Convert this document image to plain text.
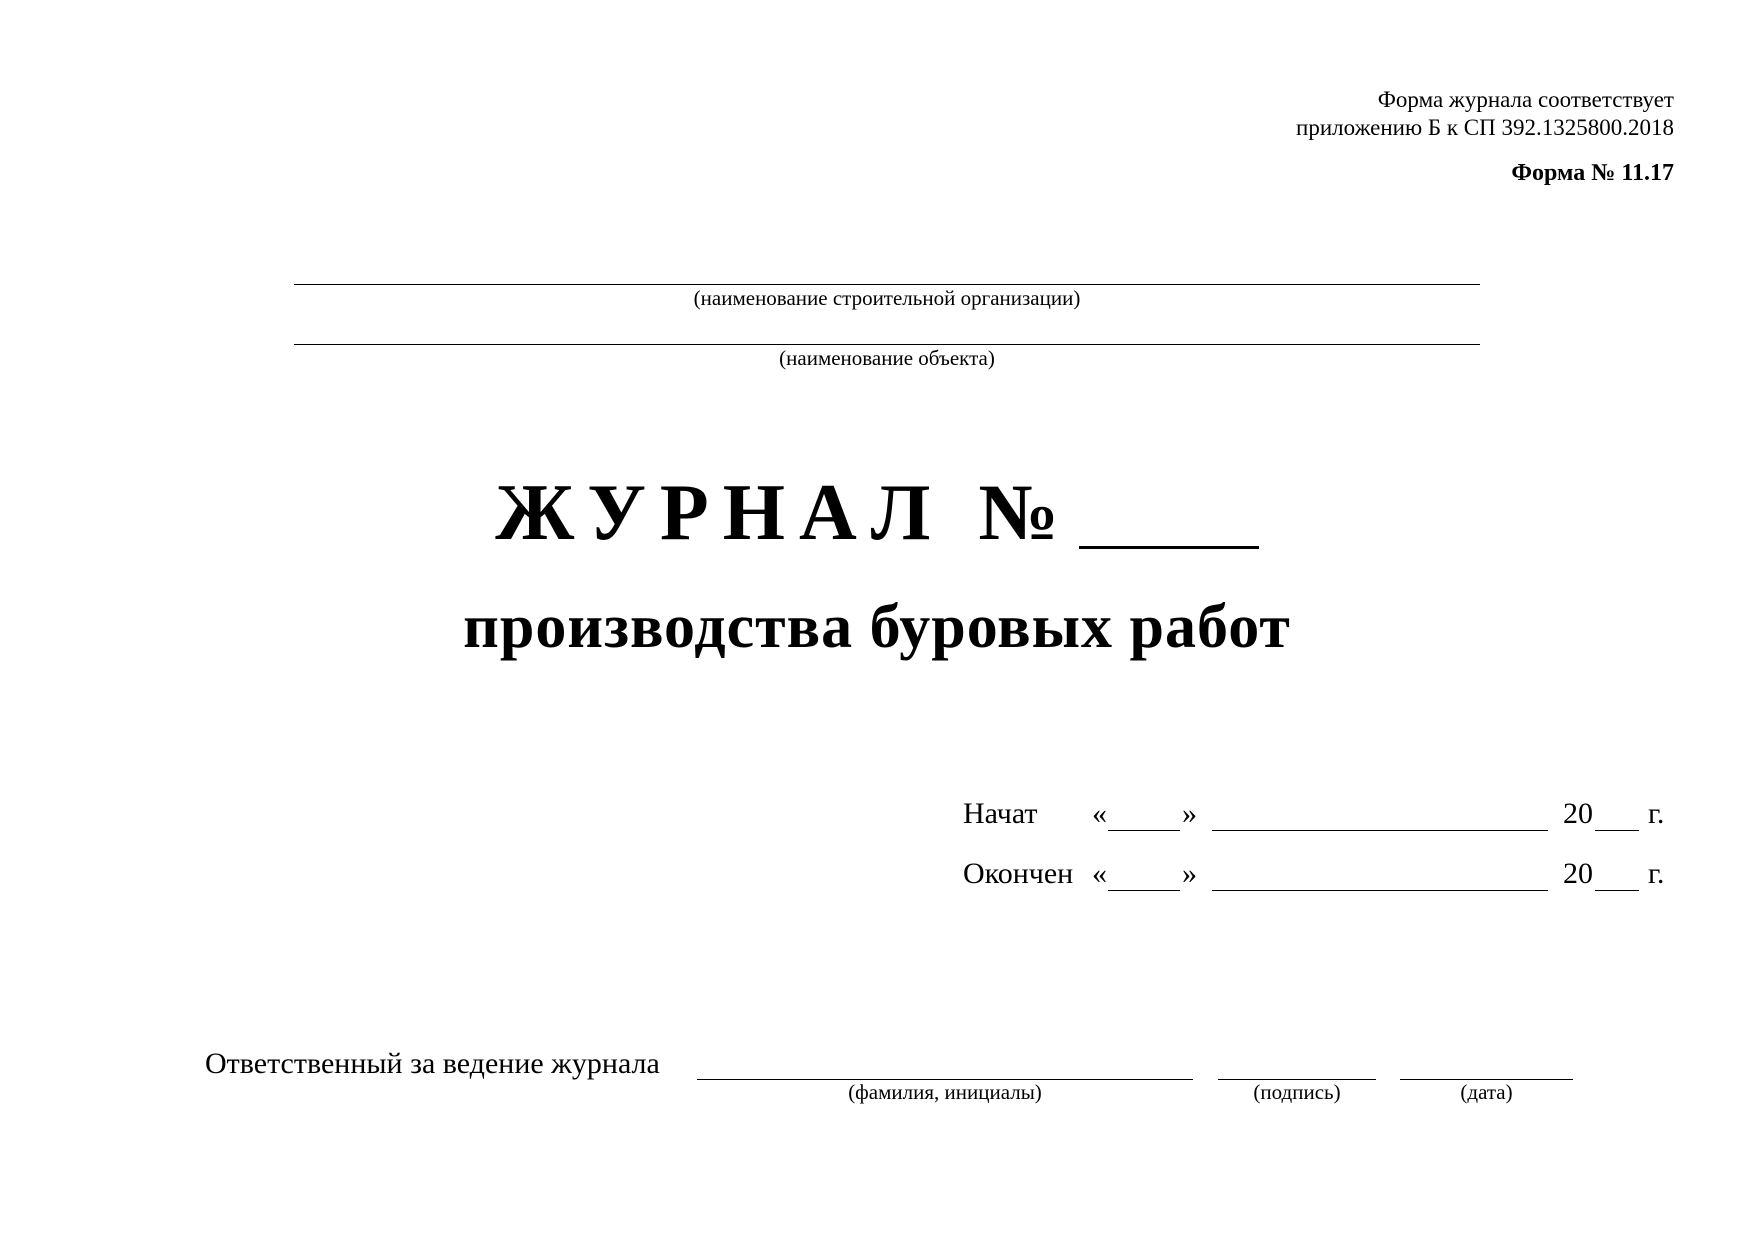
Форма журнала соответствует
приложению Б к СП 392.1325800.2018
Форма № 11.17
(наименование строительной организации)
(наименование объекта)
ЖУРНАЛ №
производства буровых работ
Начат «	»	20 г.
Окончен «	»	20 г.
Ответственный за ведение журнала
(фамилия, инициалы)	(подпись)	(дата)
